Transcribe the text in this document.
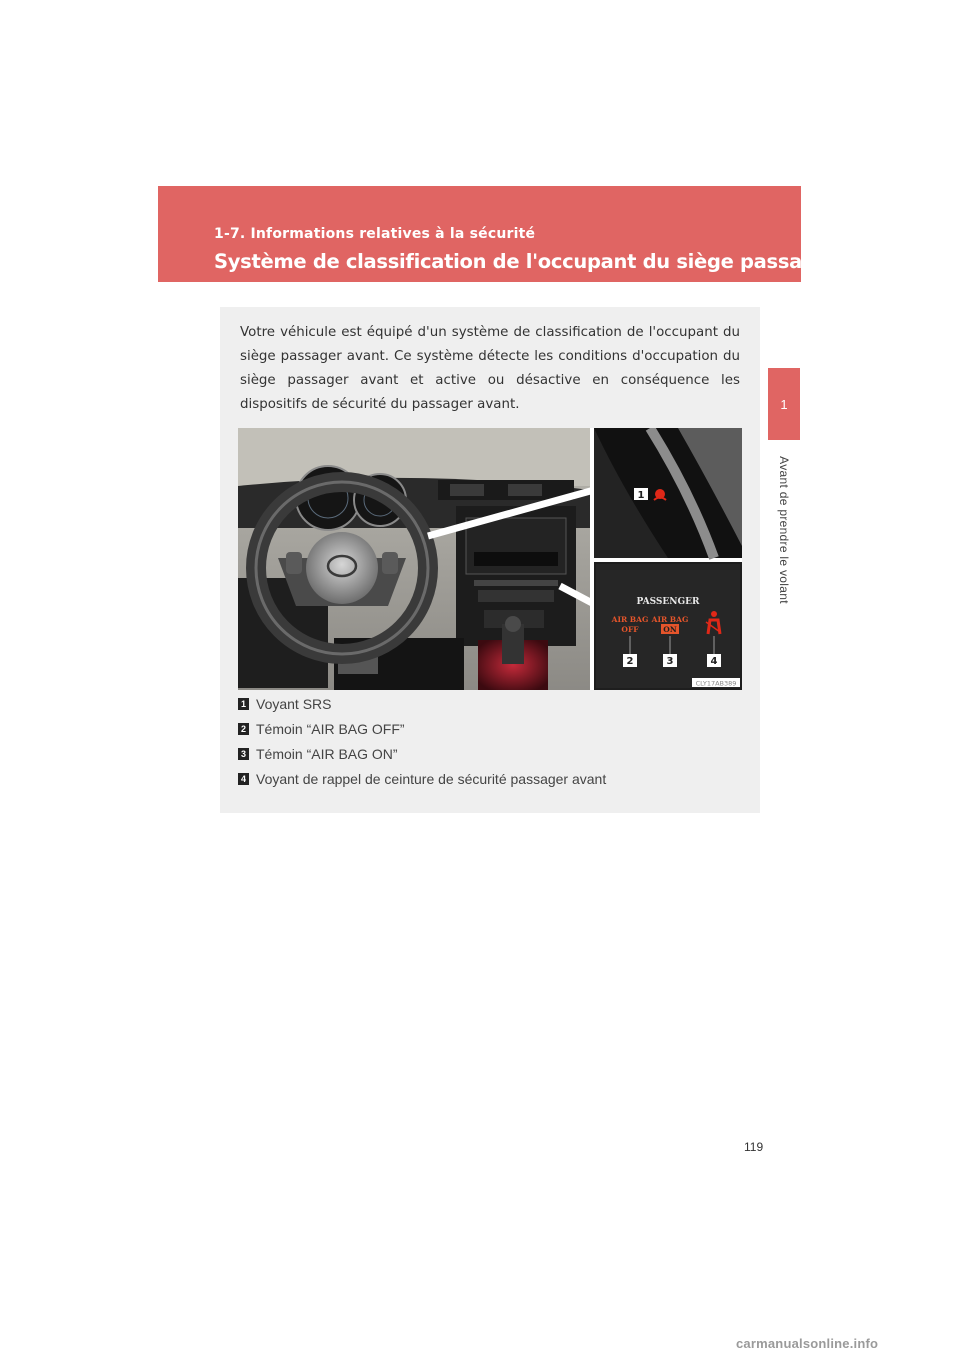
1-7. Informations relatives à la sécurité
Système de classification de l'occupant du siège passager avant
1
Avant de prendre le volant

Votre véhicule est équipé d'un système de classification de l'occupant du siège passager avant. Ce système détecte les conditions d'occupation du siège passager avant et active ou désactive en conséquence les dispositifs de sécurité du passager avant.

1
PASSENGER
AIR BAG
OFF
AIR BAG
ON
2	3	4
CLY17AB389
1 Voyant SRS
2 Témoin “AIR BAG OFF”
3 Témoin “AIR BAG ON”
4 Voyant de rappel de ceinture de sécurité passager avant
119
carmanualsonline.info
